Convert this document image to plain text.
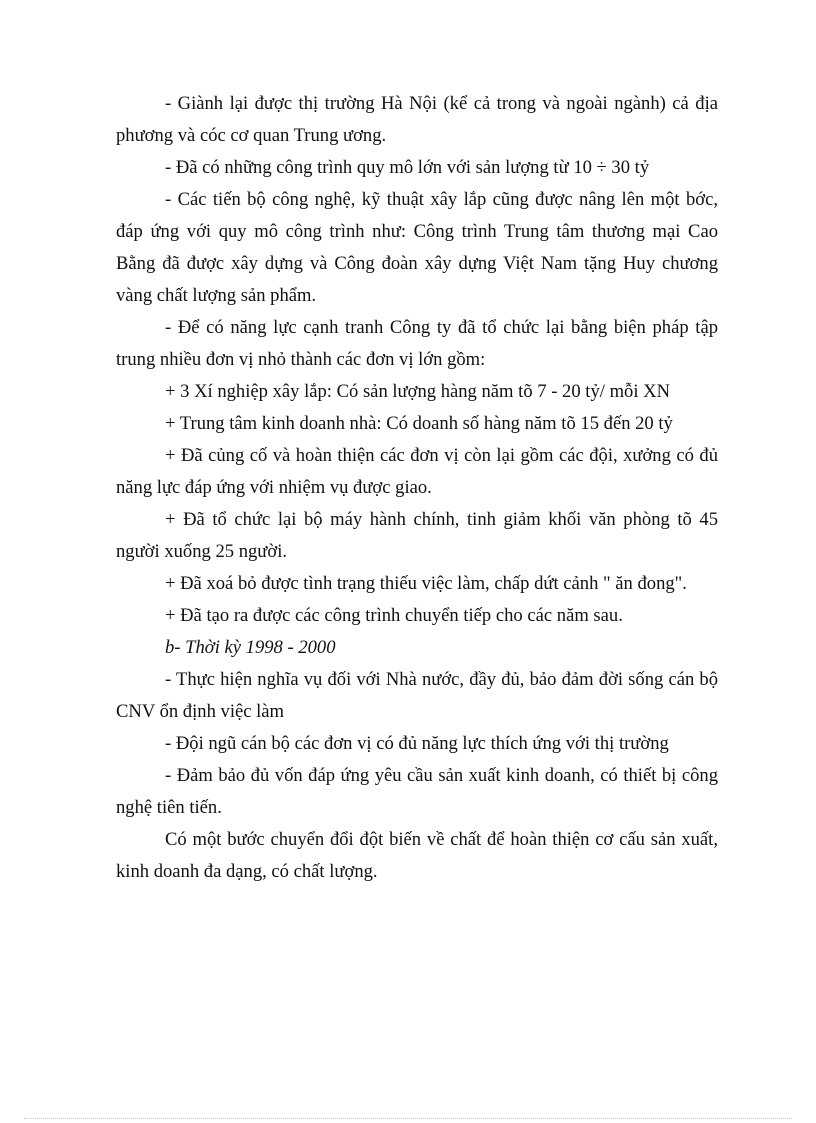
- Giành lại được thị trường Hà Nội (kể cả trong và ngoài ngành) cả địa phương và cóc cơ quan Trung ương.

- Đã có những công trình quy mô lớn với sản lượng từ 10 ÷ 30 tỷ

- Các tiến bộ công nghệ, kỹ thuật xây lắp cũng được nâng lên một bớc, đáp ứng với quy mô công trình như: Công trình Trung tâm thương mại Cao Bằng đã được xây dựng và Công đoàn xây dựng Việt Nam tặng Huy chương vàng chất lượng sản phẩm.

- Để có năng lực cạnh tranh Công ty đã tổ chức lại bằng biện pháp tập trung nhiều đơn vị nhỏ thành các đơn vị lớn gồm:

+ 3 Xí nghiệp xây lắp: Có sản lượng hàng năm tõ 7 - 20 tỷ/ mỗi XN

+ Trung tâm kinh doanh nhà: Có doanh số hàng năm tõ 15 đến 20 tỷ

+ Đã củng cố và hoàn thiện các đơn vị còn lại gồm các đội, xưởng có đủ năng lực đáp ứng với nhiệm vụ được giao.

+ Đã tổ chức lại bộ máy hành chính, tinh giảm khối văn phòng tõ 45 người xuống 25 người.

+ Đã xoá bỏ được tình trạng thiếu việc làm, chấp dứt cảnh " ăn đong".

+ Đã tạo ra được các công trình chuyển tiếp cho các năm sau.

b- Thời kỳ 1998 - 2000

- Thực hiện nghĩa vụ đối với Nhà nước, đầy đủ, bảo đảm đời sống cán bộ CNV ổn định việc làm

- Đội ngũ cán bộ các đơn vị có đủ năng lực thích ứng với thị trường

- Đảm bảo đủ vốn đáp ứng yêu cầu sản xuất kinh doanh, có thiết bị công nghệ tiên tiến.

Có một bước chuyển đổi đột biến về chất để hoàn thiện cơ cấu sản xuất, kinh doanh đa dạng, có chất lượng.
